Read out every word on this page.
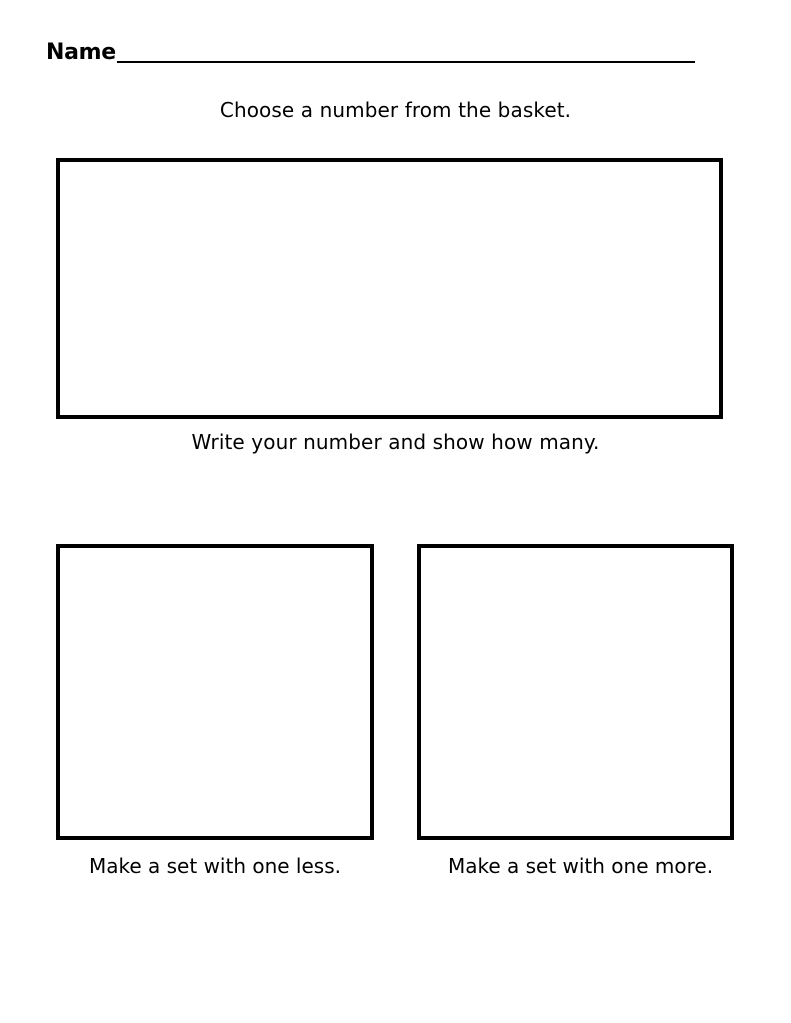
Name
Choose a number from the basket.
Write your number and show how many.
Make a set with one less.	Make a set with one more.
